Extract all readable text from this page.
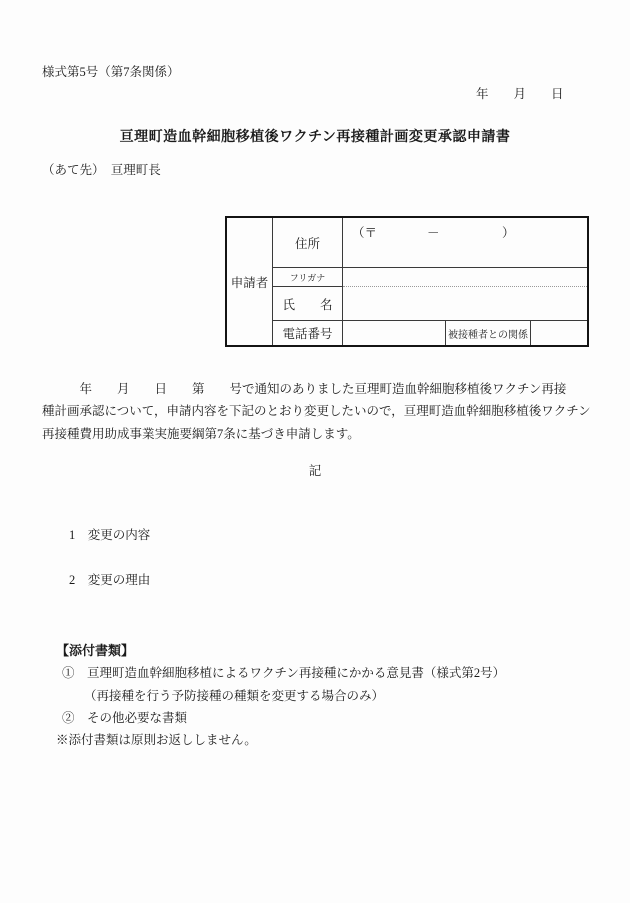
様式第5号（第7条関係）
年　　月　　日
亘理町造血幹細胞移植後ワクチン再接種計画変更承認申請書
（あて先）　亘理町長
申請者
住所
（〒　　　　－　　　　　）
フリガナ
氏　　名
電話番号	被接種者との関係
　　　年　　月　　日　　第　　号で通知のありました亘理町造血幹細胞移植後ワクチン再接
種計画承認について，申請内容を下記のとおり変更したいので，亘理町造血幹細胞移植後ワクチン
再接種費用助成事業実施要綱第7条に基づき申請します。
記
1　変更の内容
2　変更の理由
【添付書類】
①　亘理町造血幹細胞移植によるワクチン再接種にかかる意見書（様式第2号）
（再接種を行う予防接種の種類を変更する場合のみ）
②　その他必要な書類
※添付書類は原則お返ししません。
